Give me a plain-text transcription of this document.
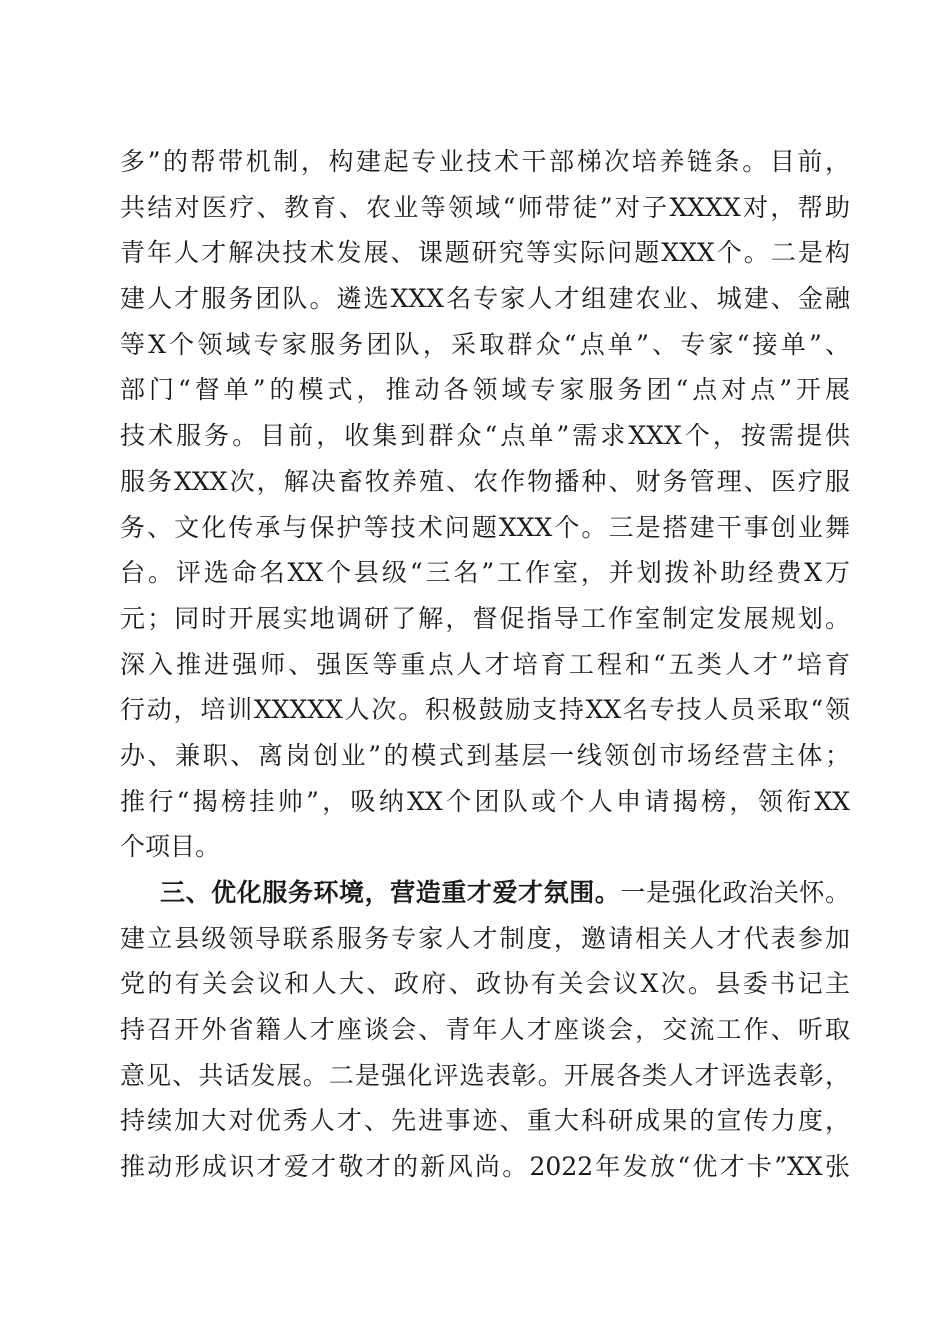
多”的帮带机制，构建起专业技术干部梯次培养链条。目前，
共结对医疗、教育、农业等领域“师带徒”对子XXXX对，帮助
青年人才解决技术发展、课题研究等实际问题XXX个。二是构
建人才服务团队。遴选XXX名专家人才组建农业、城建、金融
等X个领域专家服务团队，采取群众“点单”、专家“接单”、
部门“督单”的模式，推动各领域专家服务团“点对点”开展
技术服务。目前，收集到群众“点单”需求XXX个，按需提供
服务XXX次，解决畜牧养殖、农作物播种、财务管理、医疗服
务、文化传承与保护等技术问题XXX个。三是搭建干事创业舞
台。评选命名XX个县级“三名”工作室，并划拨补助经费X万
元；同时开展实地调研了解，督促指导工作室制定发展规划。
深入推进强师、强医等重点人才培育工程和“五类人才”培育
行动，培训XXXXX人次。积极鼓励支持XX名专技人员采取“领
办、兼职、离岗创业”的模式到基层一线领创市场经营主体；
推行“揭榜挂帅”，吸纳XX个团队或个人申请揭榜，领衔XX
个项目。
三、优化服务环境，营造重才爱才氛围。一是强化政治关怀。
建立县级领导联系服务专家人才制度，邀请相关人才代表参加
党的有关会议和人大、政府、政协有关会议X次。县委书记主
持召开外省籍人才座谈会、青年人才座谈会，交流工作、听取
意见、共话发展。二是强化评选表彰。开展各类人才评选表彰，
持续加大对优秀人才、先进事迹、重大科研成果的宣传力度，
推动形成识才爱才敬才的新风尚。2022年发放“优才卡”XX张
